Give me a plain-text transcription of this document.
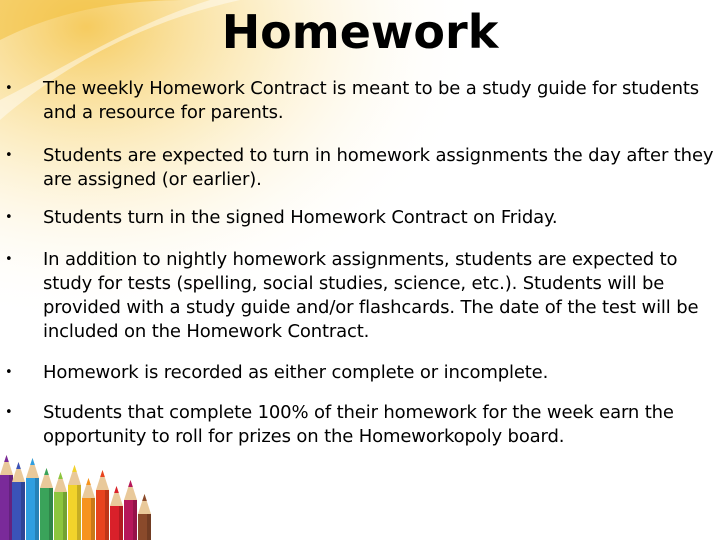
Homework
• The weekly Homework Contract is meant to be a study guide for students and a resource for parents.
• Students are expected to turn in homework assignments the day after they are assigned (or earlier).
• Students turn in the signed Homework Contract on Friday.
• In addition to nightly homework assignments, students are expected to study for tests (spelling, social studies, science, etc.). Students will be provided with a study guide and/or flashcards. The date of the test will be included on the Homework Contract.
• Homework is recorded as either complete or incomplete.
• Students that complete 100% of their homework for the week earn the opportunity to roll for prizes on the Homeworkopoly board.
